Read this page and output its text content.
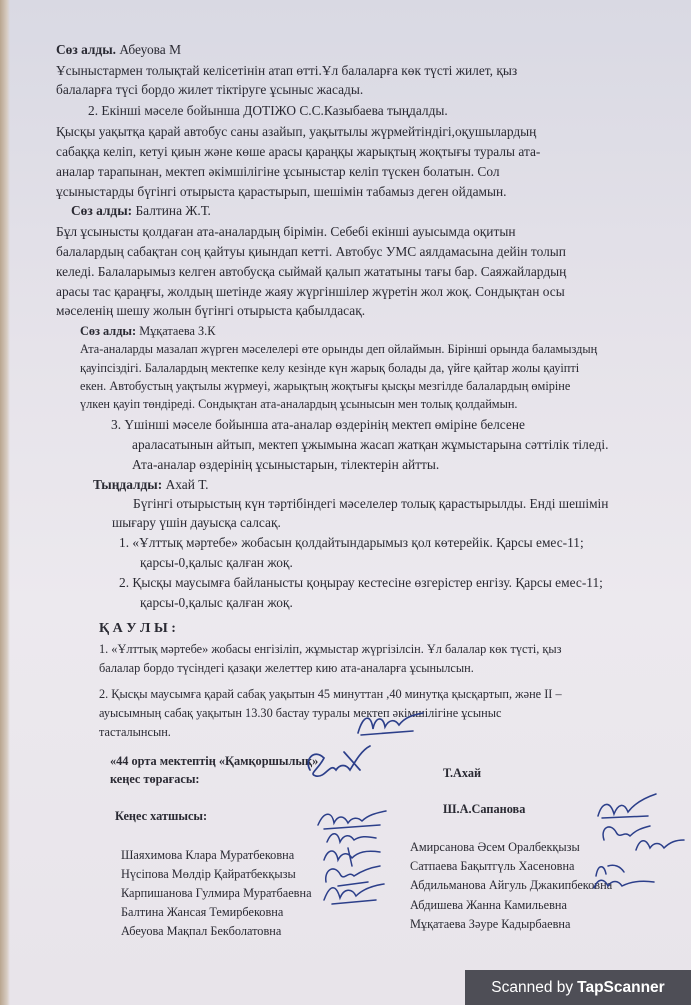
Сөз алды. Абеуова М
Ұсыныстармен толықтай келісетінін атап өтті.Ұл балаларға көк түсті жилет, қыз
балаларға түсі бордо жилет тіктіруге ұсыныс жасады.
2. Екінші мәселе бойынша ДОТІЖО С.С.Казыбаева тыңдалды.
Қысқы уақытқа қарай автобус саны азайып, уақытылы жүрмейтіндігі,оқушылардың
сабаққа келіп, кетуі қиын және көше арасы қараңқы жарықтың жоқтығы туралы ата-
аналар тарапынан, мектеп әкімшілігіне ұсыныстар келіп түскен болатын. Сол
ұсыныстарды бүгінгі отырыста қарастырып, шешімін табамыз деген ойдамын.
Сөз алды: Балтина Ж.Т.
Бұл ұсынысты қолдаған ата-аналардың бірімін. Себебі екінші ауысымда оқитын
балалардың сабақтан соң қайтуы қиындап кетті. Автобус УМС аялдамасына дейін толып
келеді. Балаларымыз келген автобусқа сыймай қалып жататыны тағы бар. Саяжайлардың
арасы тас қараңғы, жолдың шетінде жаяу жүргіншілер жүретін жол жоқ. Сондықтан осы
мәселенің шешу жолын бүгінгі отырыста қабылдасақ.
Сөз алды: Мұқатаева З.К
Ата-аналарды мазалап жүрген мәселелері өте орынды деп ойлаймын. Бірінші орында баламыздың
қауіпсіздігі. Балалардың мектепке келу кезінде күн жарық болады да, үйге қайтар жолы қауіпті
екен. Автобустың уақтылы жүрмеуі, жарықтың жоқтығы қысқы мезгілде балалардың өміріне
үлкен қауіп төндіреді. Сондықтан ата-аналардың ұсынысын мен толық қолдаймын.
3. Үшінші мәселе бойынша ата-аналар өздерінің мектеп өміріне белсене
араласатынын айтып, мектеп ұжымына жасап жатқан жұмыстарына сәттілік тіледі.
Ата-аналар өздерінің ұсыныстарын, тілектерін айтты.
Тыңдалды: Ахай Т.
Бүгінгі отырыстың күн тәртібіндегі мәселелер толық қарастырылды. Енді шешімін
шығару үшін дауысқа салсақ.
1. «Ұлттық мәртебе» жобасын қолдайтындарымыз қол көтерейік. Қарсы емес-11;
қарсы-0,қалыс қалған жоқ.
2. Қысқы маусымға байланысты қоңырау кестесіне өзгерістер енгізу. Қарсы емес-11;
қарсы-0,қалыс қалған жоқ.
Қ А У Л Ы :
1. «Ұлттық мәртебе» жобасы енгізіліп, жұмыстар жүргізілсін. Ұл балалар көк түсті, қыз
балалар бордо түсіндегі қазақи желеттер кию ата-аналарға ұсынылсын.
2. Қысқы маусымға қарай сабақ уақытын 45 минуттан ,40 минутқа қысқартып, және II –
ауысымның сабақ уақытын 13.30 бастау туралы мектеп әкімшілігіне ұсыныс
тасталынсын.
«44 орта мектептің «Қамқоршылық»
кеңес төрағасы:	Т.Ахай
Кеңес хатшысы:	Ш.А.Сапанова
Шаяхимова Клара Муратбековна
Нүсіпова Мөлдір Қайратбекқызы
Карпишанова Гулмира Муратбаевна
Балтина Жансая Темирбековна
Абеуова Мақпал Бекболатовна
Амирсанова Әсем Оралбекқызы
Сатпаева Бақытгүль Хасеновна
Абдильманова Айгуль Джакипбековна
Абдишева Жанна Камильевна
Мұқатаева Зәуре Кадырбаевна
Scanned by TapScanner
